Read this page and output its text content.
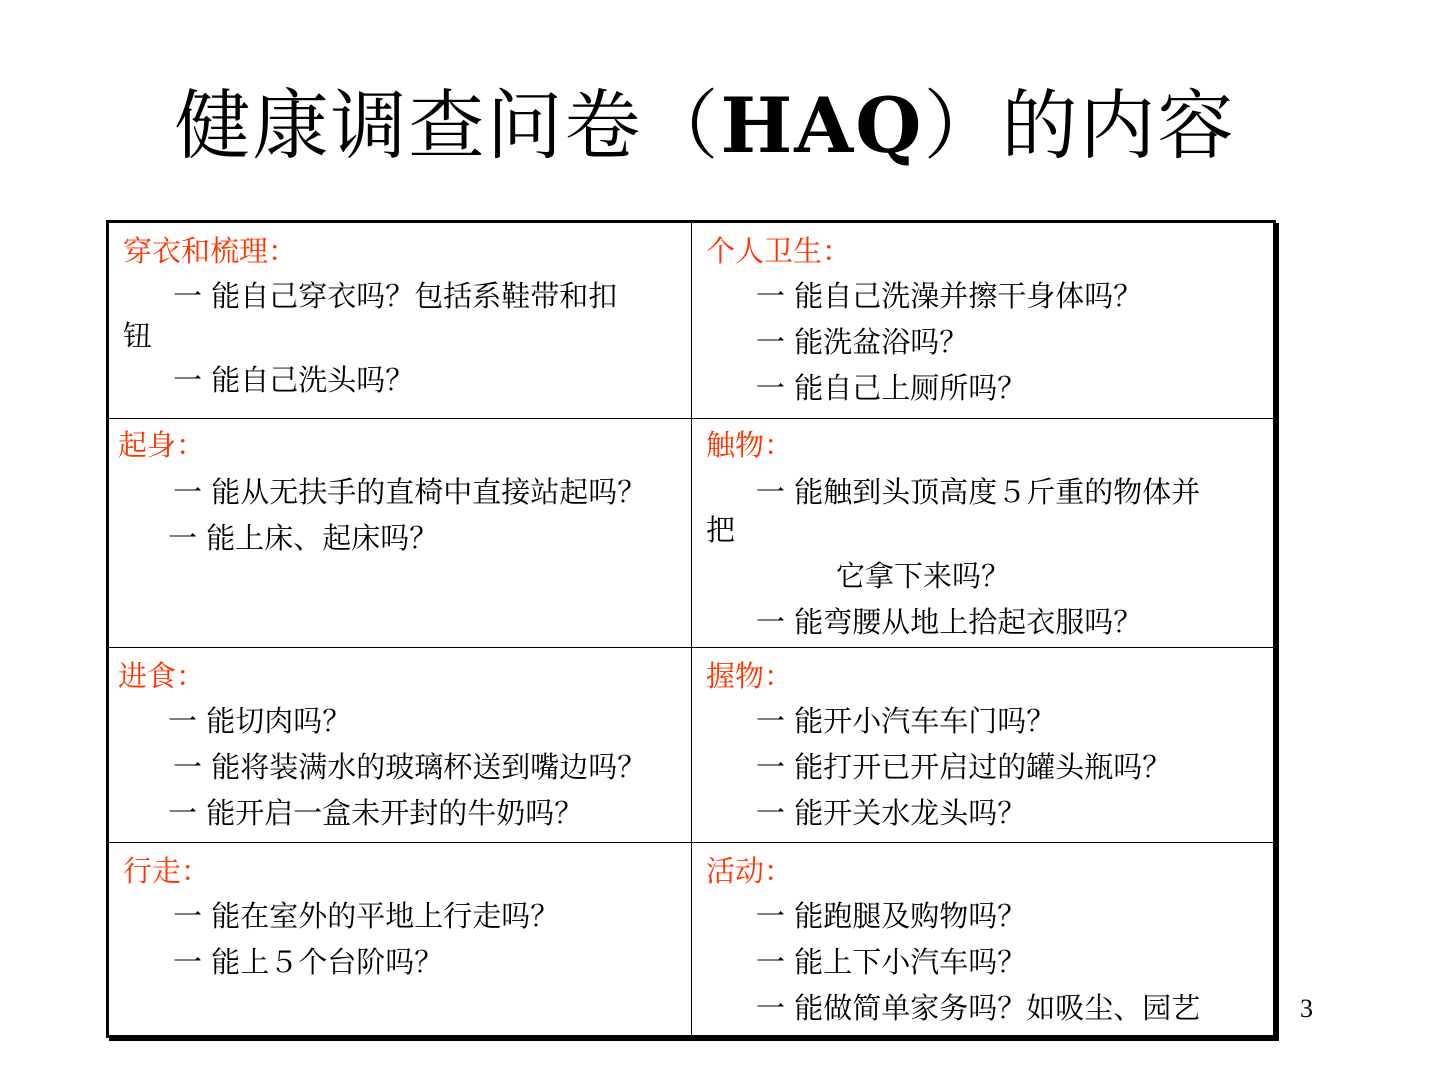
健康调查问卷（HAQ）的内容
穿衣和梳理：
一 能自己穿衣吗？包括系鞋带和扣
钮
一 能自己洗头吗？
个人卫生：
一 能自己洗澡并擦干身体吗？
一 能洗盆浴吗？
一 能自己上厕所吗？
起身：
一 能从无扶手的直椅中直接站起吗？
一 能上床、起床吗？
触物：
一 能触到头顶高度５斤重的物体并
把
它拿下来吗？
一 能弯腰从地上拾起衣服吗？
进食：
一 能切肉吗？
一 能将装满水的玻璃杯送到嘴边吗？
一 能开启一盒未开封的牛奶吗？
握物：
一 能开小汽车车门吗？
一 能打开已开启过的罐头瓶吗？
一 能开关水龙头吗？
行走：
一 能在室外的平地上行走吗？
一 能上５个台阶吗？
活动：
一 能跑腿及购物吗？
一 能上下小汽车吗？
一 能做简单家务吗？如吸尘、园艺	3
